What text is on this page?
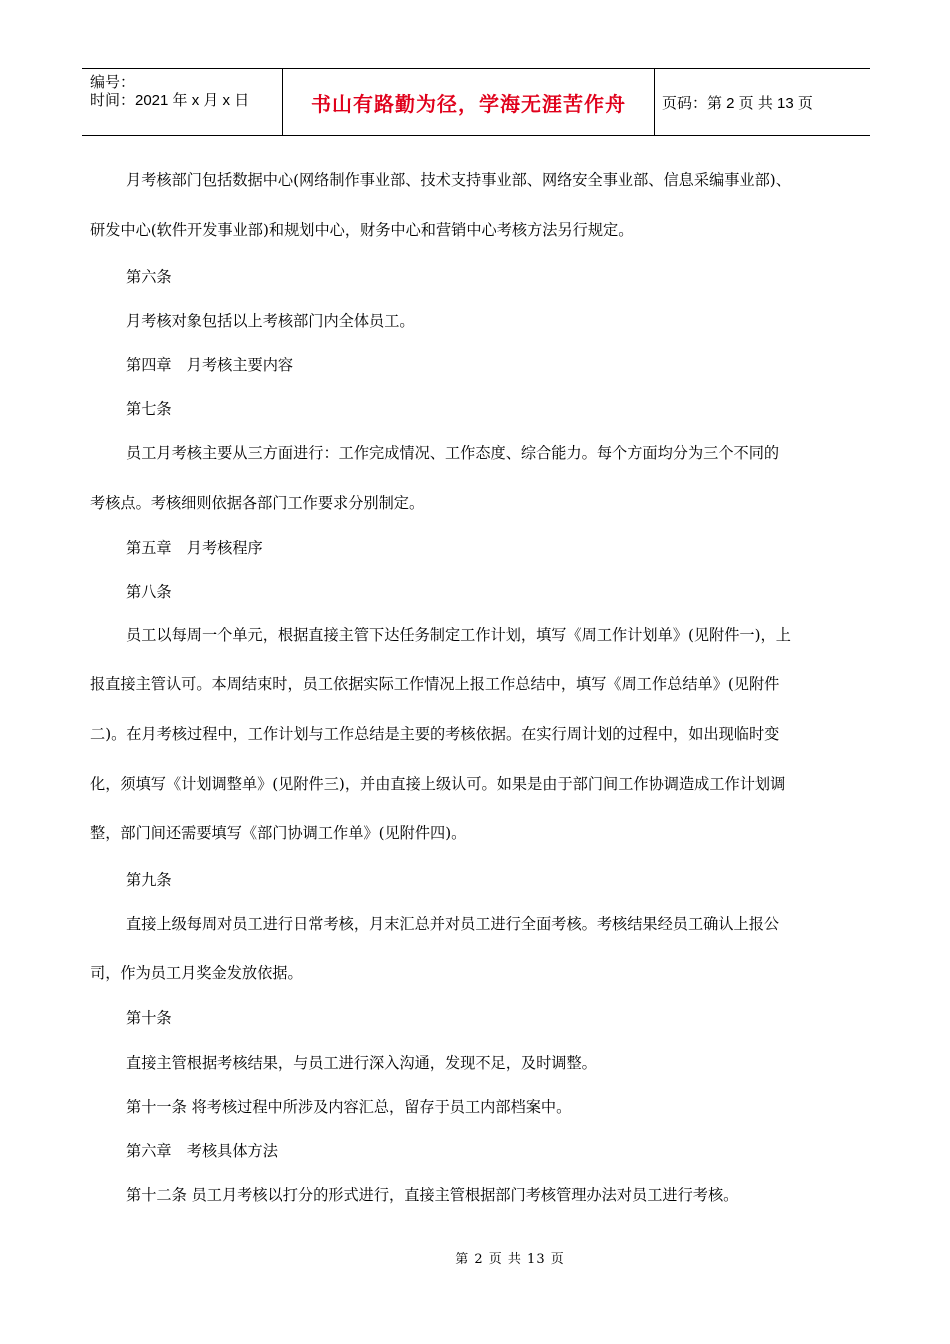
编号：
时间：2021 年 x 月 x 日	书山有路勤为径，学海无涯苦作舟	页码：第 2 页 共 13 页
月考核部门包括数据中心(网络制作事业部、技术支持事业部、网络安全事业部、信息采编事业部)、
研发中心(软件开发事业部)和规划中心，财务中心和营销中心考核方法另行规定。
第六条
月考核对象包括以上考核部门内全体员工。
第四章　月考核主要内容
第七条
员工月考核主要从三方面进行：工作完成情况、工作态度、综合能力。每个方面均分为三个不同的
考核点。考核细则依据各部门工作要求分别制定。
第五章　月考核程序
第八条
员工以每周一个单元，根据直接主管下达任务制定工作计划，填写《周工作计划单》(见附件一)，上
报直接主管认可。本周结束时，员工依据实际工作情况上报工作总结中，填写《周工作总结单》(见附件
二)。在月考核过程中，工作计划与工作总结是主要的考核依据。在实行周计划的过程中，如出现临时变
化，须填写《计划调整单》(见附件三)，并由直接上级认可。如果是由于部门间工作协调造成工作计划调
整，部门间还需要填写《部门协调工作单》(见附件四)。
第九条
直接上级每周对员工进行日常考核，月末汇总并对员工进行全面考核。考核结果经员工确认上报公
司，作为员工月奖金发放依据。
第十条
直接主管根据考核结果，与员工进行深入沟通，发现不足，及时调整。
第十一条 将考核过程中所涉及内容汇总，留存于员工内部档案中。
第六章　考核具体方法
第十二条 员工月考核以打分的形式进行，直接主管根据部门考核管理办法对员工进行考核。
第 2 页 共 13 页
